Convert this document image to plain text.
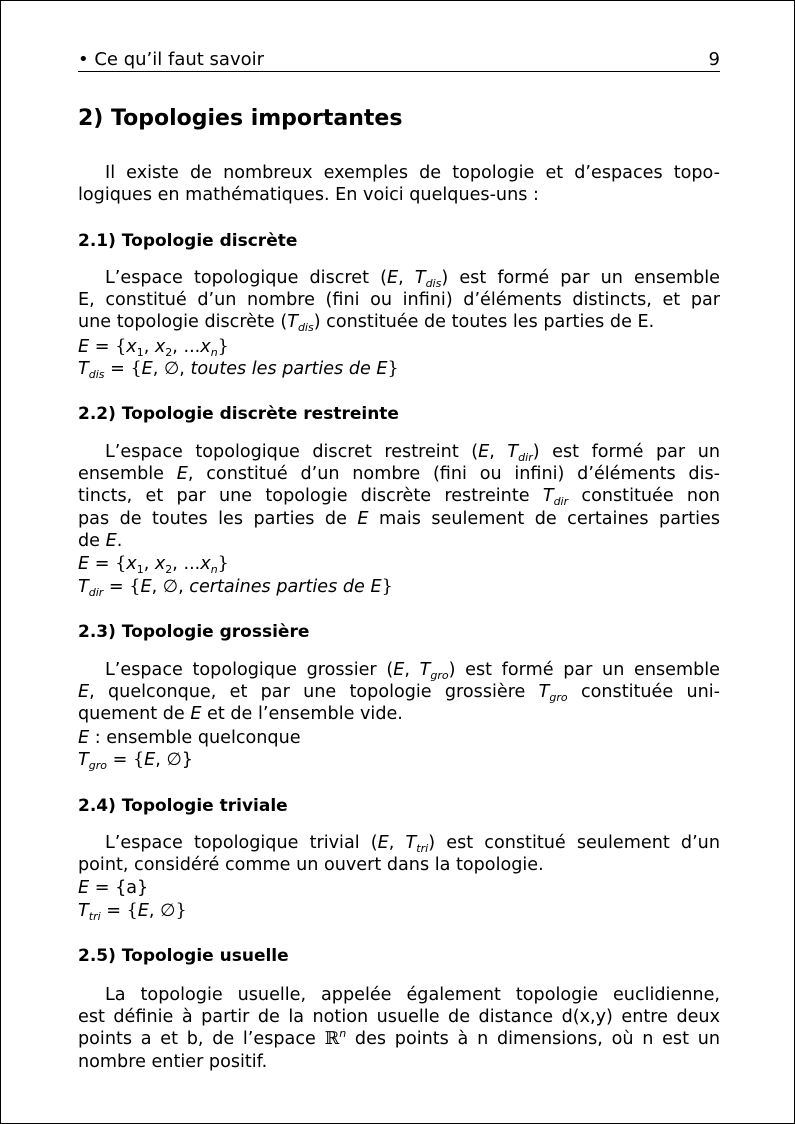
• Ce qu’il faut savoir	9
2) Topologies importantes
Il existe de nombreux exemples de topologie et d’espaces topo-
logiques en mathématiques. En voici quelques-uns :
2.1) Topologie discrète
L’espace topologique discret (E, $T_{dis}$) est formé par un ensemble
E, constitué d’un nombre (fini ou infini) d’éléments distincts, et par
une topologie discrète $(T_{dis})$ constituée de toutes les parties de E.
$E = \{x_1$, $x_2$, $...x_n$}
$T_{dis} = \{E$, ∅, toutes les parties de E}
2.2) Topologie discrète restreinte
L’espace topologique discret restreint (E, $T_{dir}$) est formé par un
ensemble E, constitué d’un nombre (fini ou infini) d’éléments dis-
tincts, et par une topologie discrète restreinte $T_{dir}$ constituée non
pas de toutes les parties de E mais seulement de certaines parties
de E.
$E = \{x_1$, $x_2$, $...x_n$}
$T_{dir} = \{E$, ∅, certaines parties de E}
2.3) Topologie grossière
L’espace topologique grossier (E, $T_{gro}$) est formé par un ensemble
E, quelconque, et par une topologie grossière $T_{gro}$ constituée uni-
quement de E et de l’ensemble vide.
E : ensemble quelconque
$T_{gro} = \{E$, ∅}
2.4) Topologie triviale
L’espace topologique trivial (E, $T_{tri}$) est constitué seulement d’un
point, considéré comme un ouvert dans la topologie.
E = {a}
$T_{tri} = \{E$, ∅}
2.5) Topologie usuelle
La topologie usuelle, appelée également topologie euclidienne,
est définie à partir de la notion usuelle de distance d(x,y) entre deux
points a et b, de l’espace ℝ$^n$ des points à n dimensions, où n est un
nombre entier positif.
